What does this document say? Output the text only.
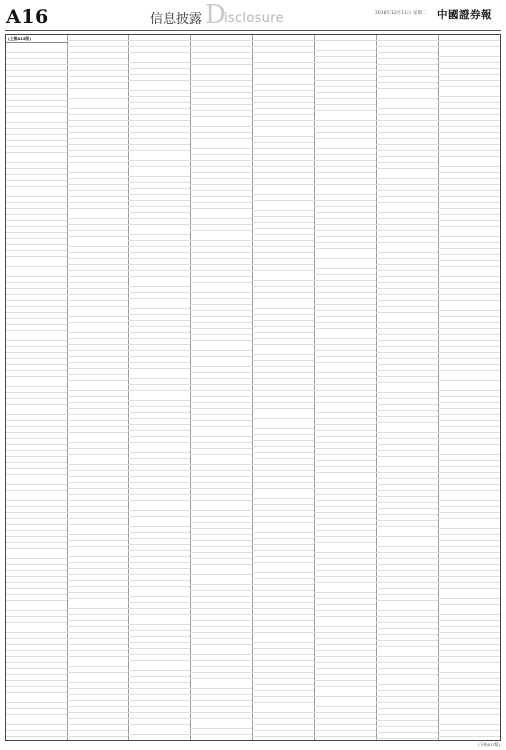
A16	信息披露 D
isclosure	2018年12月11日 星期二 中國證券報
(上接A15版)
(下转A17版)
